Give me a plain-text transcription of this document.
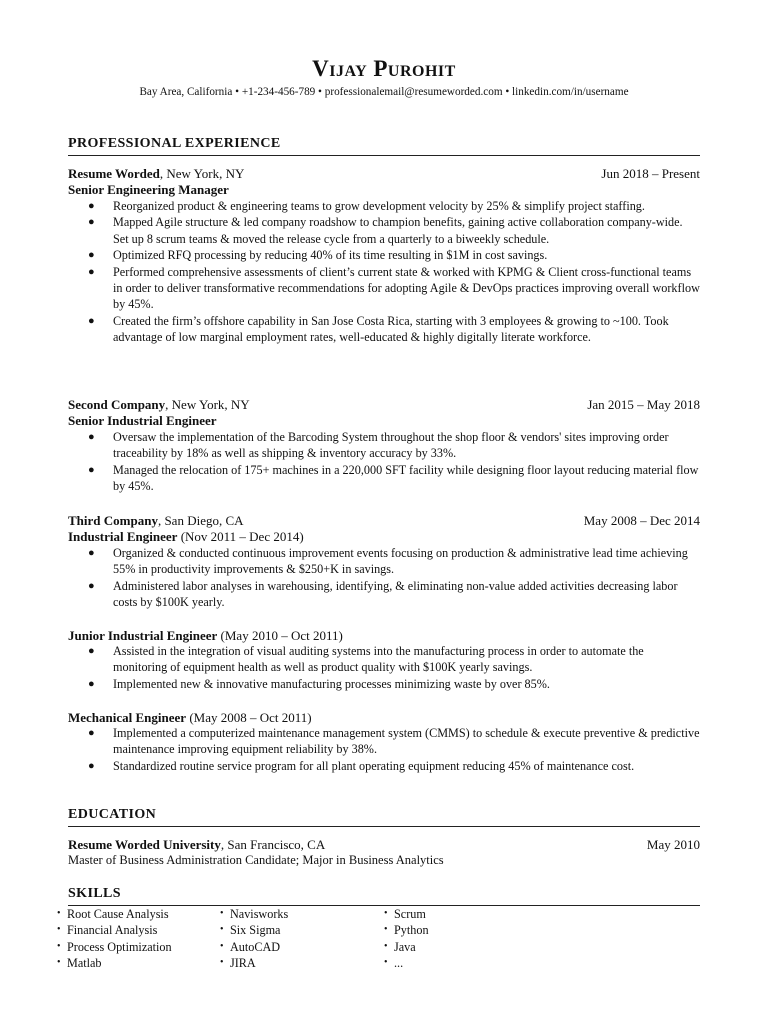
Vijay Purohit
Bay Area, California • +1-234-456-789 • professionalemail@resumeworded.com • linkedin.com/in/username
PROFESSIONAL EXPERIENCE
Resume Worded, New York, NY	Jun 2018 – Present
Senior Engineering Manager
● Reorganized product & engineering teams to grow development velocity by 25% & simplify project staffing.
● Mapped Agile structure & led company roadshow to champion benefits, gaining active collaboration company-wide. Set up 8 scrum teams & moved the release cycle from a quarterly to a biweekly schedule.
● Optimized RFQ processing by reducing 40% of its time resulting in $1M in cost savings.
● Performed comprehensive assessments of client’s current state & worked with KPMG & Client cross-functional teams in order to deliver transformative recommendations for adopting Agile & DevOps practices improving overall workflow by 45%.
● Created the firm’s offshore capability in San Jose Costa Rica, starting with 3 employees & growing to ~100. Took advantage of low marginal employment rates, well-educated & highly digitally literate workforce.
Second Company, New York, NY	Jan 2015 – May 2018
Senior Industrial Engineer
● Oversaw the implementation of the Barcoding System throughout the shop floor & vendors' sites improving order traceability by 18% as well as shipping & inventory accuracy by 33%.
● Managed the relocation of 175+ machines in a 220,000 SFT facility while designing floor layout reducing material flow by 45%.
Third Company, San Diego, CA	May 2008 – Dec 2014
Industrial Engineer (Nov 2011 – Dec 2014)
● Organized & conducted continuous improvement events focusing on production & administrative lead time achieving 55% in productivity improvements & $250+K in savings.
● Administered labor analyses in warehousing, identifying, & eliminating non-value added activities decreasing labor costs by $100K yearly.
Junior Industrial Engineer (May 2010 – Oct 2011)
● Assisted in the integration of visual auditing systems into the manufacturing process in order to automate the monitoring of equipment health as well as product quality with $100K yearly savings.
● Implemented new & innovative manufacturing processes minimizing waste by over 85%.
Mechanical Engineer (May 2008 – Oct 2011)
● Implemented a computerized maintenance management system (CMMS) to schedule & execute preventive & predictive maintenance improving equipment reliability by 38%.
● Standardized routine service program for all plant operating equipment reducing 45% of maintenance cost.
EDUCATION
Resume Worded University, San Francisco, CA	May 2010
Master of Business Administration Candidate; Major in Business Analytics
SKILLS
• Root Cause Analysis
• Financial Analysis
• Process Optimization
• Matlab
• Navisworks
• Six Sigma
• AutoCAD
• JIRA
• Scrum
• Python
• Java
• ...
